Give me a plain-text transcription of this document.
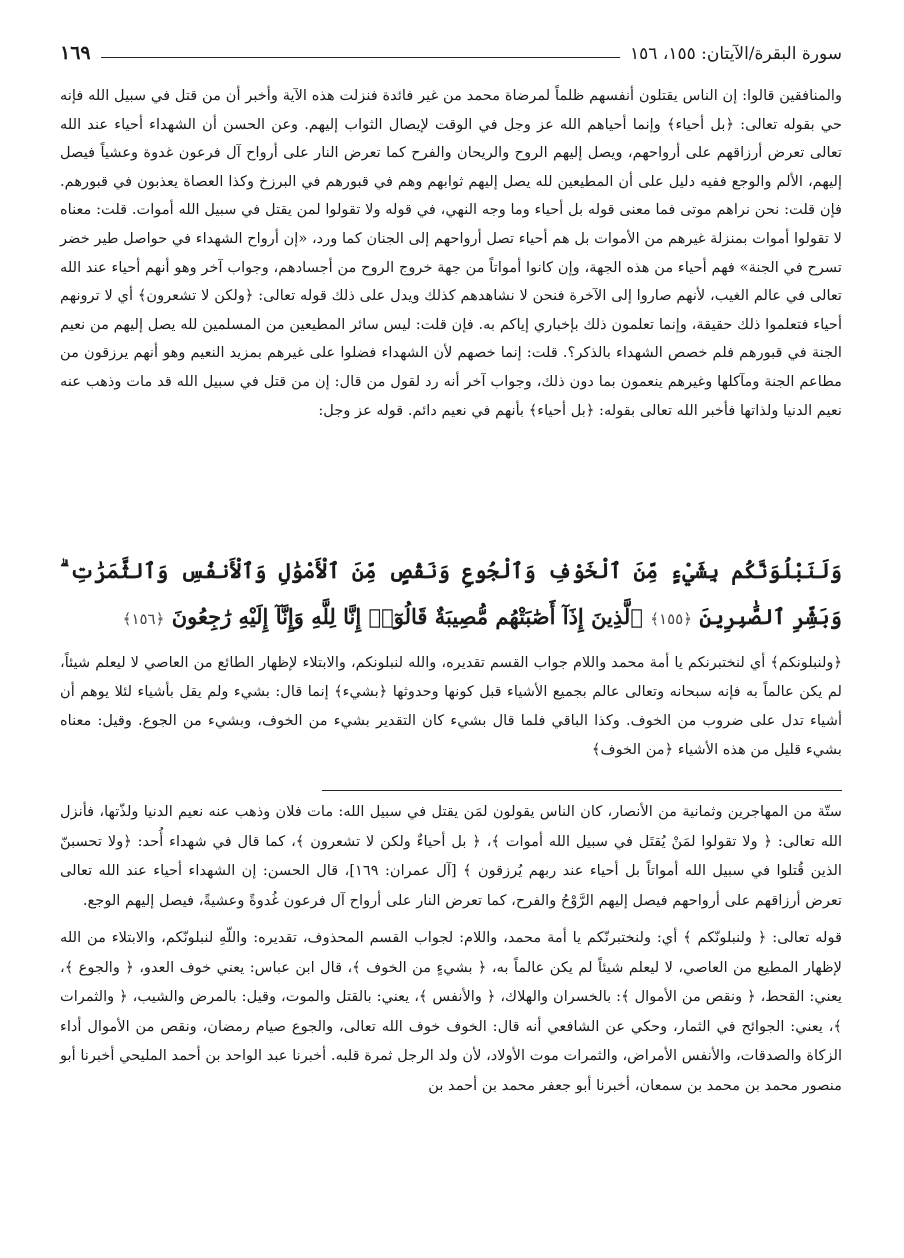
سورة البقرة/الآيتان: ١٥٥، ١٥٦
١٦٩

والمنافقين قالوا: إن الناس يقتلون أنفسهم ظلماً لمرضاة محمد من غير فائدة فنزلت هذه الآية وأخبر أن من قتل في سبيل الله فإنه حي بقوله تعالى: ﴿بل أحياء﴾ وإنما أحياهم الله عز وجل في الوقت لإيصال الثواب إليهم. وعن الحسن أن الشهداء أحياء عند الله تعالى تعرض أرزاقهم على أرواحهم، ويصل إليهم الروح والريحان والفرح كما تعرض النار على أرواح آل فرعون غدوة وعشياً فيصل إليهم، الألم والوجع ففيه دليل على أن المطيعين لله يصل إليهم ثوابهم وهم في قبورهم في البرزخ وكذا العصاة يعذبون في قبورهم. فإن قلت: نحن نراهم موتى فما معنى قوله بل أحياء وما وجه النهي، في قوله ولا تقولوا لمن يقتل في سبيل الله أموات. قلت: معناه لا تقولوا أموات بمنزلة غيرهم من الأموات بل هم أحياء تصل أرواحهم إلى الجنان كما ورد، «إن أرواح الشهداء في حواصل طير خضر تسرح في الجنة» فهم أحياء من هذه الجهة، وإن كانوا أمواتاً من جهة خروج الروح من أجسادهم، وجواب آخر وهو أنهم أحياء عند الله تعالى في عالم الغيب، لأنهم صاروا إلى الآخرة فنحن لا نشاهدهم كذلك ويدل على ذلك قوله تعالى: ﴿ولكن لا تشعرون﴾ أي لا ترونهم أحياء فتعلموا ذلك حقيقة، وإنما تعلمون ذلك بإخباري إياكم به. فإن قلت: ليس سائر المطيعين من المسلمين لله يصل إليهم من نعيم الجنة في قبورهم فلم خصص الشهداء بالذكر؟. قلت: إنما خصهم لأن الشهداء فضلوا على غيرهم بمزيد النعيم وهو أنهم يرزقون من مطاعم الجنة ومآكلها وغيرهم ينعمون بما دون ذلك، وجواب آخر أنه رد لقول من قال: إن من قتل في سبيل الله قد مات وذهب عنه نعيم الدنيا ولذاتها فأخبر الله تعالى بقوله: ﴿بل أحياء﴾ بأنهم في نعيم دائم. قوله عز وجل:

وَلَنَبْلُوَنَّكُم بِشَيْءٍ مِّنَ ٱلْخَوْفِ وَٱلْجُوعِ وَنَقْصٍ مِّنَ ٱلْأَمْوَٰلِ وَٱلْأَنفُسِ وَٱلثَّمَرَٰتِ ۗ وَبَشِّرِ ٱلصَّٰبِرِينَ ﴿١٥٥﴾ ٱلَّذِينَ إِذَآ أَصَٰبَتْهُم مُّصِيبَةٌ قَالُوٓا۟ إِنَّا لِلَّهِ وَإِنَّآ إِلَيْهِ رَٰجِعُونَ ﴿١٥٦﴾

﴿ولنبلونكم﴾ أي لنختبرنكم يا أمة محمد واللام جواب القسم تقديره، والله لنبلونكم، والابتلاء لإظهار الطائع من العاصي لا ليعلم شيئاً، لم يكن عالماً به فإنه سبحانه وتعالى عالم بجميع الأشياء قبل كونها وحدوثها ﴿بشيء﴾ إنما قال: بشيء ولم يقل بأشياء لئلا يوهم أن أشياء تدل على ضروب من الخوف. وكذا الباقي فلما قال بشيء كان التقدير بشيء من الخوف، وبشيء من الجوع. وقيل: معناه بشيء قليل من هذه الأشياء ﴿من الخوف﴾

ستّة من المهاجرين وثمانية من الأنصار، كان الناس يقولون لمَن يقتل في سبيل الله: مات فلان وذهب عنه نعيم الدنيا ولذّتها، فأنزل الله تعالى: ﴿ ولا تقولوا لمَنْ يُقتَل في سبيل الله أموات ﴾، ﴿ بل أحياءٌ ولكن لا تشعرون ﴾، كما قال في شهداء أُحد: ﴿ولا تحسبنّ الذين قُتلوا في سبيل الله أمواتاً بل أحياء عند ربهم يُرزقون ﴾ [آل عمران: ١٦٩]، قال الحسن: إن الشهداء أحياء عند الله تعالى تعرض أرزاقهم على أرواحهم فيصل إليهم الرَّوْحُ والفرح، كما تعرض النار على أرواح آل فرعون غُدوةً وعشيةً، فيصل إليهم الوجع.

قوله تعالى: ﴿ ولنبلونّكم ﴾ أي: ولنختبرنّكم يا أمة محمد، واللام: لجواب القسم المحذوف، تقديره: واللّهِ لنبلونّكم، والابتلاء من الله لإظهار المطيع من العاصي، لا ليعلم شيئاً لم يكن عالماً به، ﴿ بشيءٍ من الخوف ﴾، قال ابن عباس: يعني خوف العدو، ﴿ والجوع ﴾، يعني: القحط، ﴿ ونقص من الأموال ﴾: بالخسران والهلاك، ﴿ والأنفس ﴾، يعني: بالقتل والموت، وقيل: بالمرض والشيب، ﴿ والثمرات ﴾، يعني: الجوائح في الثمار، وحكي عن الشافعي أنه قال: الخوف خوف الله تعالى، والجوع صيام رمضان، ونقص من الأموال أداء الزكاة والصدقات، والأنفس الأمراض، والثمرات موت الأولاد، لأن ولد الرجل ثمرة قلبه. أخبرنا عبد الواحد بن أحمد المليحي أخبرنا أبو منصور محمد بن محمد بن سمعان، أخبرنا أبو جعفر محمد بن أحمد بن
